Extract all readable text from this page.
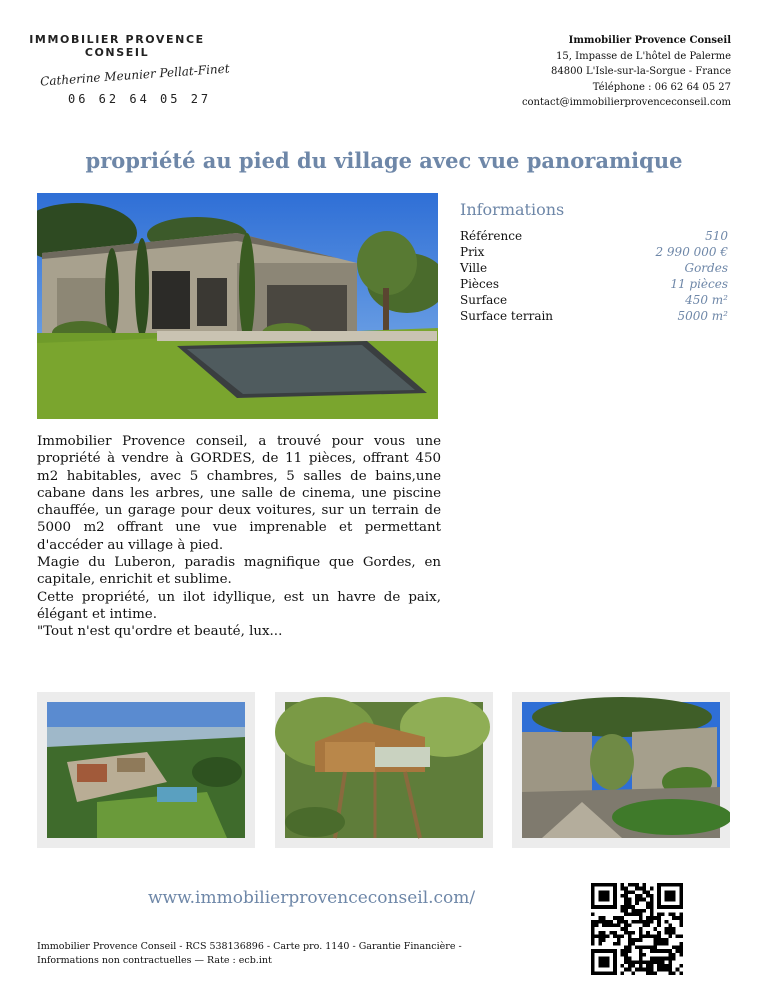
IMMOBILIER PROVENCE
CONSEIL
Catherine Meunier Pellat-Finet
06 62 64 05 27
Immobilier Provence Conseil
15, Impasse de L'hôtel de Palerme
84800 L'Isle-sur-la-Sorgue - France
Téléphone : 06 62 64 05 27
contact@immobilierprovenceconseil.com
propriété au pied du village avec vue panoramique
Informations
Référence	510
Prix	2 990 000 €
Ville	Gordes
Pièces	11 pièces
Surface	450 m²
Surface terrain	5000 m²

Immobilier Provence conseil, a trouvé pour vous une propriété à vendre à GORDES, de 11 pièces, offrant 450 m2 habitables, avec 5 chambres, 5 salles de bains,une cabane dans les arbres, une salle de cinema, une piscine chauffée, un garage pour deux voitures, sur un terrain de 5000 m2 offrant une vue imprenable et permettant d'accéder au village à pied.

Magie du Luberon, paradis magnifique que Gordes, en capitale, enrichit et sublime.

Cette propriété, un ilot idyllique, est un havre de paix, élégant et intime.

"Tout n'est qu'ordre et beauté, lux...

www.immobilierprovenceconseil.com/

Immobilier Provence Conseil - RCS 538136896 - Carte pro. 1140 - Garantie Financière -

Informations non contractuelles — Rate : ecb.int
